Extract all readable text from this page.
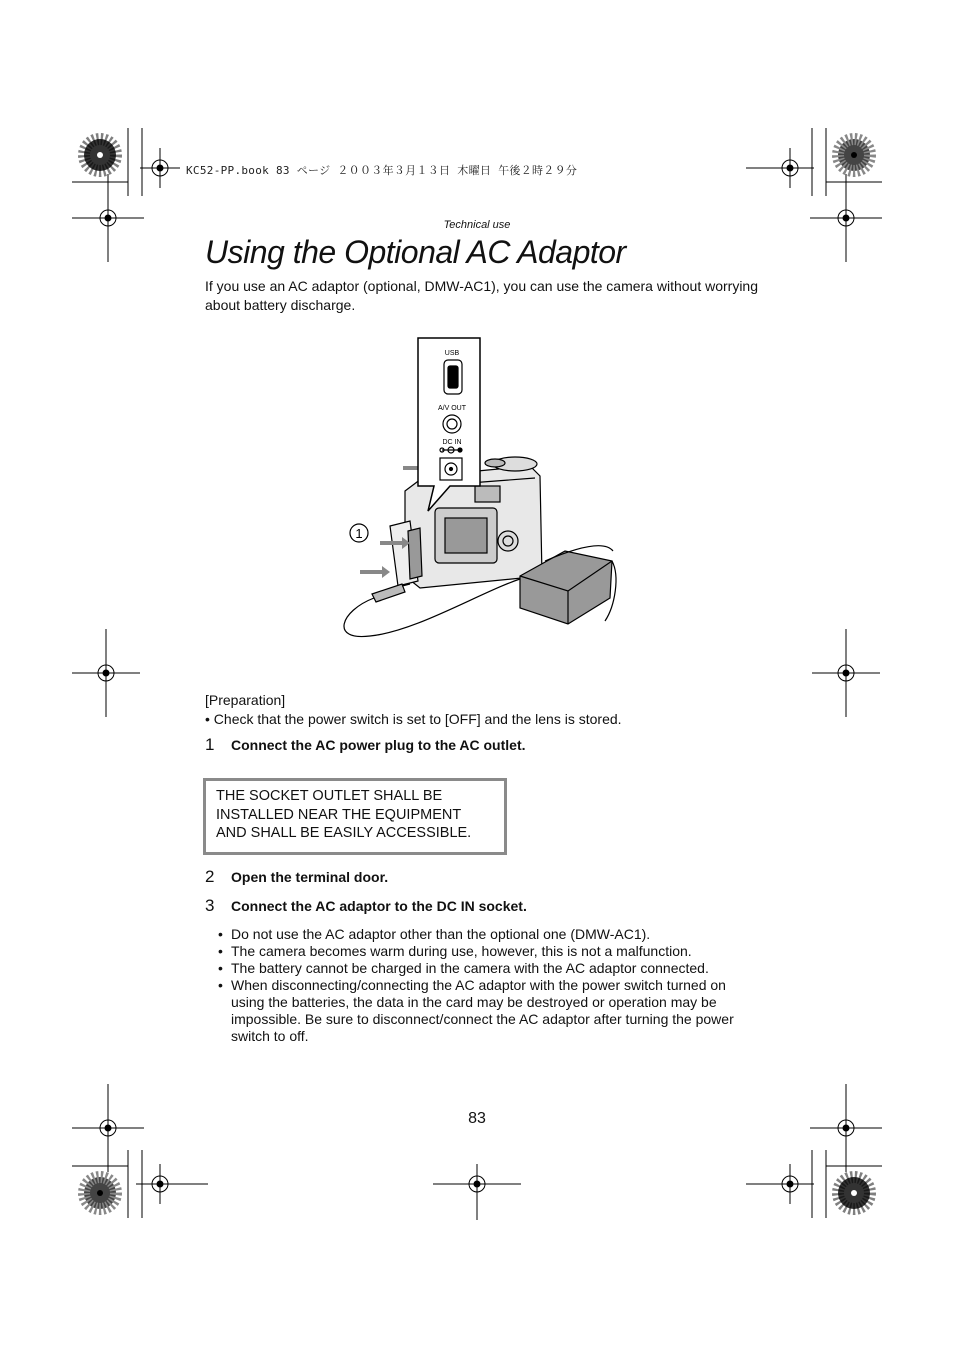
KC52-PP.book 83 ページ ２００３年３月１３日 木曜日 午後２時２９分
Technical use
Using the Optional AC Adaptor
If you use an AC adaptor (optional, DMW-AC1), you can use the camera without worrying about battery discharge.
USB
A/V OUT
DC IN
1
[Preparation]
• Check that the power switch is set to [OFF] and the lens is stored.
1 Connect the AC power plug to the AC outlet.
THE SOCKET OUTLET SHALL BE
INSTALLED NEAR THE EQUIPMENT
AND SHALL BE EASILY ACCESSIBLE.
2 Open the terminal door.
3 Connect the AC adaptor to the DC IN socket.
• Do not use the AC adaptor other than the optional one (DMW-AC1).
• The camera becomes warm during use, however, this is not a malfunction.
• The battery cannot be charged in the camera with the AC adaptor connected.
• When disconnecting/connecting the AC adaptor with the power switch turned on using the batteries, the data in the card may be destroyed or operation may be impossible. Be sure to disconnect/connect the AC adaptor after turning the power switch to off.
83
